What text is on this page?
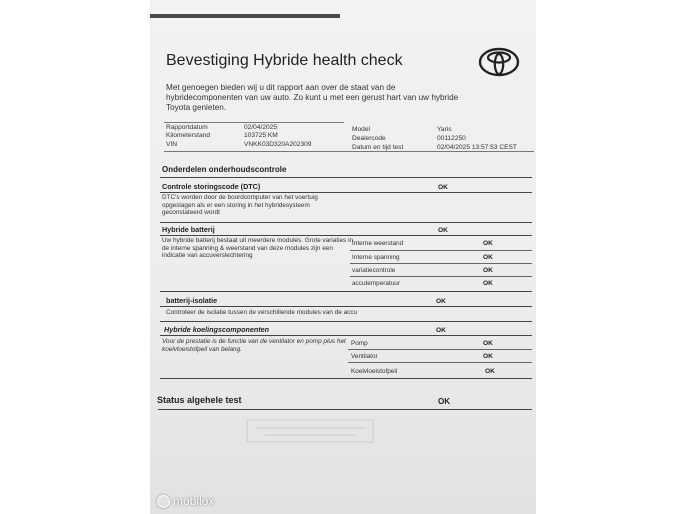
Bevestiging Hybride health check
Met genoegen bieden wij u dit rapport aan over de staat van de hybridecomponenten van uw auto. Zo kunt u met een gerust hart van uw hybride Toyota genieten.
Rapportdatum	02/04/2025
Kilometerstand	103725 KM
VIN	VNKK03D320A202309
Model	Yaris
Dealercode	00112250
Datum en tijd test	02/04/2025 13:57:53 CEST
Onderdelen onderhoudscontrole
Controle storingscode (DTC)	OK
DTC's worden door de boordcomputer van het voertuig opgeslagen als er een storing in het hybridesysteem geconstateerd wordt
Hybride batterij	OK
Uw hybride batterij bestaat uit meerdere modules. Grote variaties in de interne spanning & weerstand van deze modules zijn een indicatie van accuverslechtering
Interne weerstand	OK
Interne spanning	OK
variatiecontrole	OK
accutemperatuur	OK
batterij-isolatie	OK
Controleer de isolatie tussen de verschillende modules van de accu
Hybride koelingscomponenten	OK
Voor de prestatie is de functie van de ventilator en pomp plus het koelvloeistofpeil van belang.
Pomp	OK
Ventilator	OK
Koelvloeistofpeil	OK
Status algehele test	OK
mobilox
